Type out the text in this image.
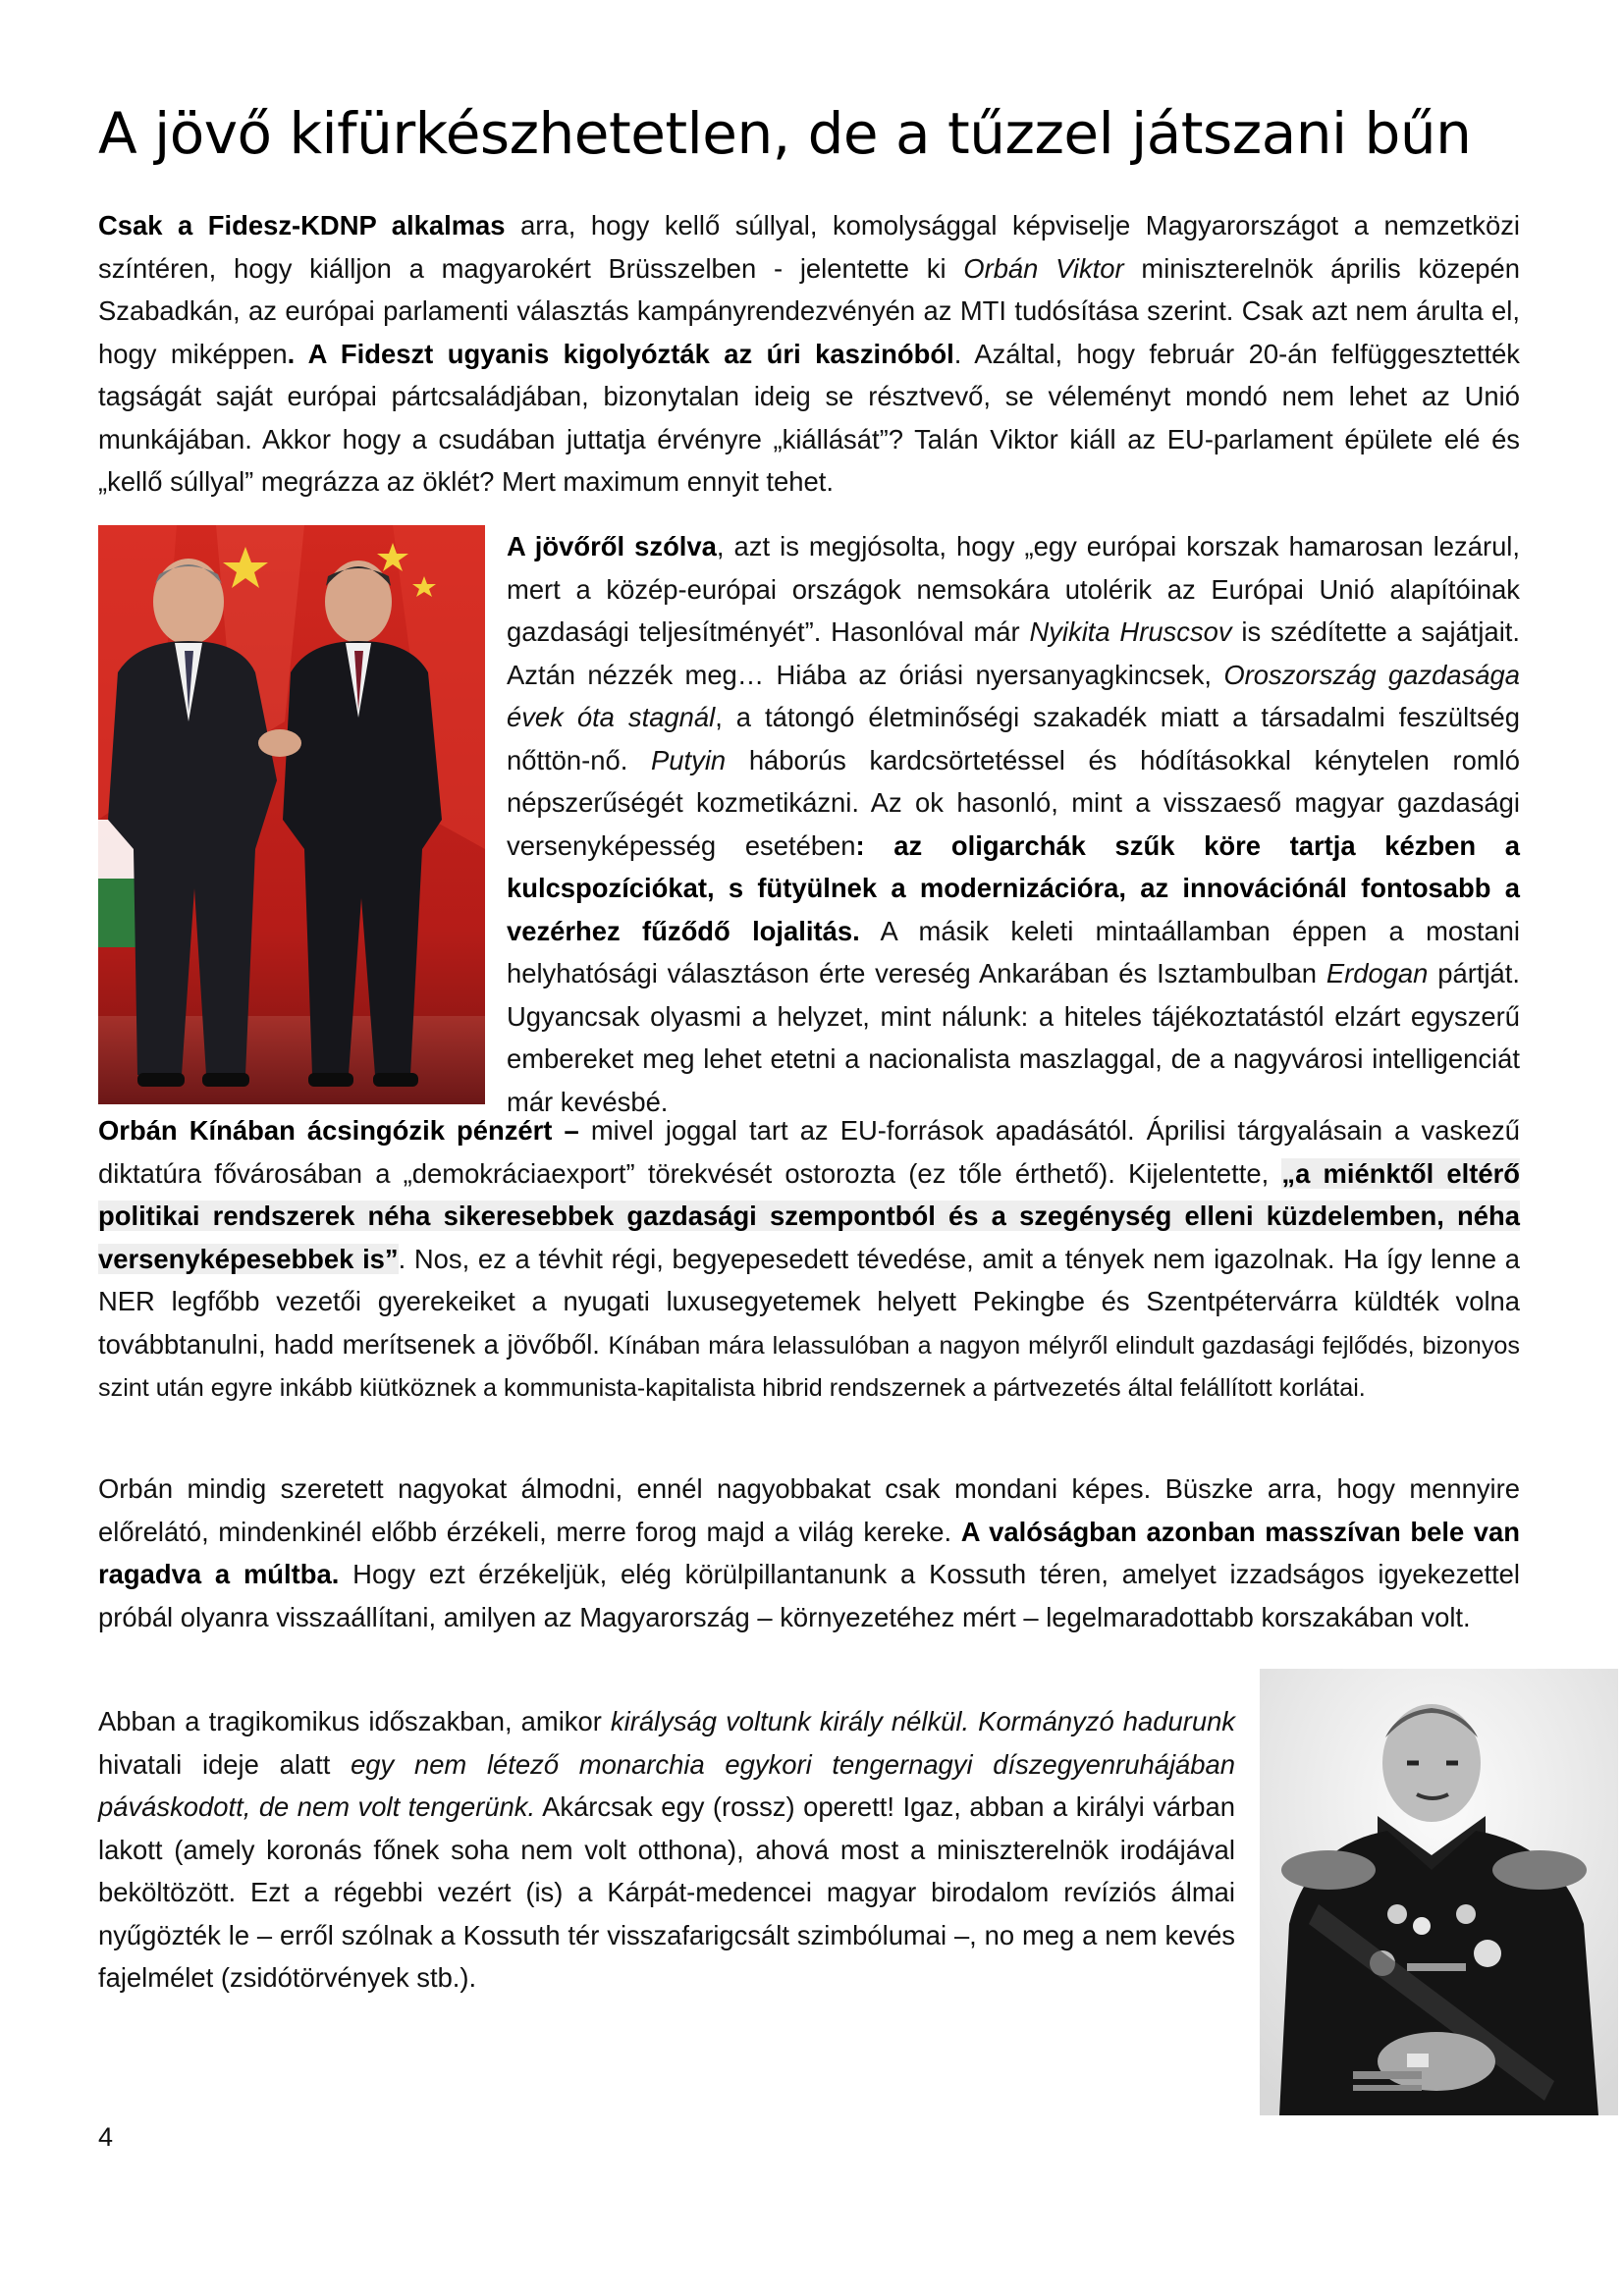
A jövő kifürkészhetetlen, de a tűzzel játszani bűn

Csak a Fidesz-KDNP alkalmas arra, hogy kellő súllyal, komolysággal képviselje Magyarországot a nemzetközi színtéren, hogy kiálljon a magyarokért Brüsszelben - jelentette ki Orbán Viktor miniszterelnök április közepén Szabadkán, az európai parlamenti választás kampányrendezvényén az MTI tudósítása szerint. Csak azt nem árulta el, hogy miképpen. A Fideszt ugyanis kigolyózták az úri kaszinóból. Azáltal, hogy február 20-án felfüggesztették tagságát saját európai pártcsaládjában, bizonytalan ideig se résztvevő, se véleményt mondó nem lehet az Unió munkájában. Akkor hogy a csudában juttatja érvényre „kiállását”? Talán Viktor kiáll az EU-parlament épülete elé és „kellő súllyal” megrázza az öklét? Mert maximum ennyit tehet.

A jövőről szólva, azt is megjósolta, hogy „egy európai korszak hamarosan lezárul, mert a közép-európai országok nemsokára utolérik az Európai Unió alapítóinak gazdasági teljesítményét”. Hasonlóval már Nyikita Hruscsov is szédítette a sajátjait. Aztán nézzék meg… Hiába az óriási nyersanyagkincsek, Oroszország gazdasága évek óta stagnál, a tátongó életminőségi szakadék miatt a társadalmi feszültség nőttön-nő. Putyin háborús kardcsörtetéssel és hódításokkal kénytelen romló népszerűségét kozmetikázni. Az ok hasonló, mint a visszaeső magyar gazdasági versenyképesség esetében: az oligarchák szűk köre tartja kézben a kulcspozíciókat, s fütyülnek a modernizációra, az innovációnál fontosabb a vezérhez fűződő lojalitás. A másik keleti mintaállamban éppen a mostani helyhatósági választáson érte vereség Ankarában és Isztambulban Erdogan pártját. Ugyancsak olyasmi a helyzet, mint nálunk: a hiteles tájékoztatástól elzárt egyszerű embereket meg lehet etetni a nacionalista maszlaggal, de a nagyvárosi intelligenciát már kevésbé.

Orbán Kínában ácsingózik pénzért – mivel joggal tart az EU-források apadásától. Áprilisi tárgyalásain a vaskezű diktatúra fővárosában a „demokráciaexport” törekvését ostorozta (ez tőle érthető). Kijelentette, „a miénktől eltérő politikai rendszerek néha sikeresebbek gazdasági szempontból és a szegénység elleni küzdelemben, néha versenyképesebbek is”. Nos, ez a tévhit régi, begyepesedett tévedése, amit a tények nem igazolnak. Ha így lenne a NER legfőbb vezetői gyerekeiket a nyugati luxusegyetemek helyett Pekingbe és Szentpétervárra küldték volna továbbtanulni, hadd merítsenek a jövőből. Kínában mára lelassulóban a nagyon mélyről elindult gazdasági fejlődés, bizonyos szint után egyre inkább kiütköznek a kommunista-kapitalista hibrid rendszernek a pártvezetés által felállított korlátai.

Orbán mindig szeretett nagyokat álmodni, ennél nagyobbakat csak mondani képes. Büszke arra, hogy mennyire előrelátó, mindenkinél előbb érzékeli, merre forog majd a világ kereke. A valóságban azonban masszívan bele van ragadva a múltba. Hogy ezt érzékeljük, elég körülpillantanunk a Kossuth téren, amelyet izzadságos igyekezettel próbál olyanra visszaállítani, amilyen az Magyarország – környezetéhez mért – legelmaradottabb korszakában volt.

Abban a tragikomikus időszakban, amikor királyság voltunk király nélkül. Kormányzó hadurunk hivatali ideje alatt egy nem létező monarchia egykori tengernagyi díszegyenruhájában páváskodott, de nem volt tengerünk. Akárcsak egy (rossz) operett! Igaz, abban a királyi várban lakott (amely koronás főnek soha nem volt otthona), ahová most a miniszterelnök irodájával beköltözött. Ezt a régebbi vezért (is) a Kárpát-medencei magyar birodalom revíziós álmai nyűgözték le – erről szólnak a Kossuth tér visszafarigcsált szimbólumai –, no meg a nem kevés fajelmélet (zsidótörvények stb.).

4
